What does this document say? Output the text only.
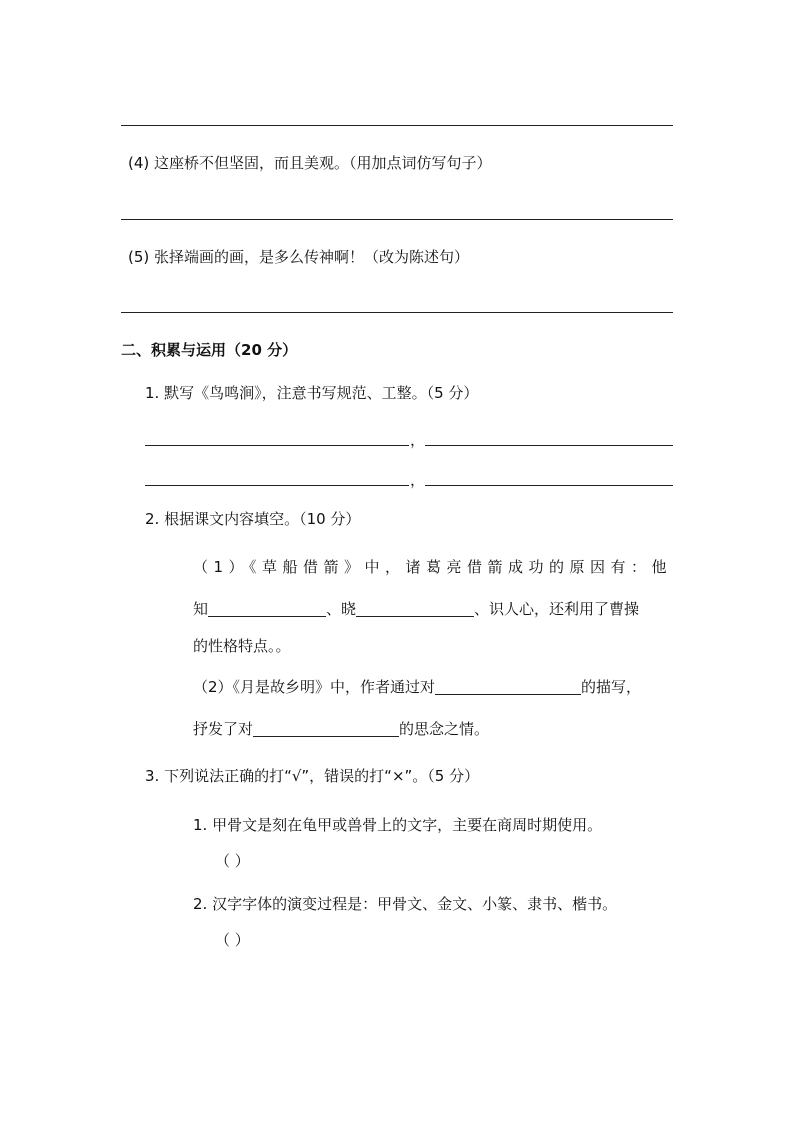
(4) 这座桥不但坚固，而且美观。（用加点词仿写句子）
(5) 张择端画的画，是多么传神啊！（改为陈述句）
二、积累与运用（20 分）
1. 默写《鸟鸣涧》，注意书写规范、工整。（5 分）
，
，
2. 根据课文内容填空。（10 分）
（1）《草船借箭》中，诸葛亮借箭成功的原因有：他
知	、晓	、识人心，还利用了曹操
的性格特点。。
（2）《月是故乡明》中，作者通过对	的描写，
抒发了对	的思念之情。
3. 下列说法正确的打“√”，错误的打“×”。（5 分）
1. 甲骨文是刻在龟甲或兽骨上的文字，主要在商周时期使用。
（ ）
2. 汉字字体的演变过程是：甲骨文、金文、小篆、隶书、楷书。
（ ）
